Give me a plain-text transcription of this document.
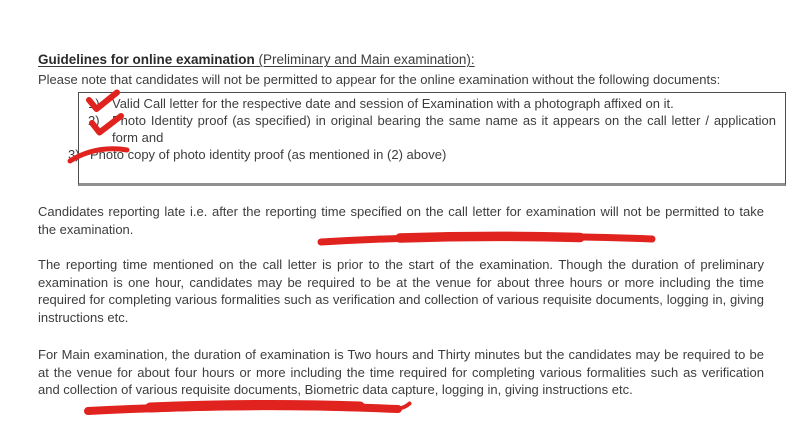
Guidelines for online examination (Preliminary and Main examination):
Please note that candidates will not be permitted to appear for the online examination without the following documents:
1) Valid Call letter for the respective date and session of Examination with a photograph affixed on it.
2) Photo Identity proof (as specified) in original bearing the same name as it appears on the call letter / application form and
3) Photo copy of photo identity proof (as mentioned in (2) above)
Candidates reporting late i.e. after the reporting time specified on the call letter for examination will not be permitted to take the examination.
The reporting time mentioned on the call letter is prior to the start of the examination. Though the duration of preliminary examination is one hour, candidates may be required to be at the venue for about three hours or more including the time required for completing various formalities such as verification and collection of various requisite documents, logging in, giving instructions etc.
For Main examination, the duration of examination is Two hours and Thirty minutes but the candidates may be required to be at the venue for about four hours or more including the time required for completing various formalities such as verification and collection of various requisite documents, Biometric data capture, logging in, giving instructions etc.
